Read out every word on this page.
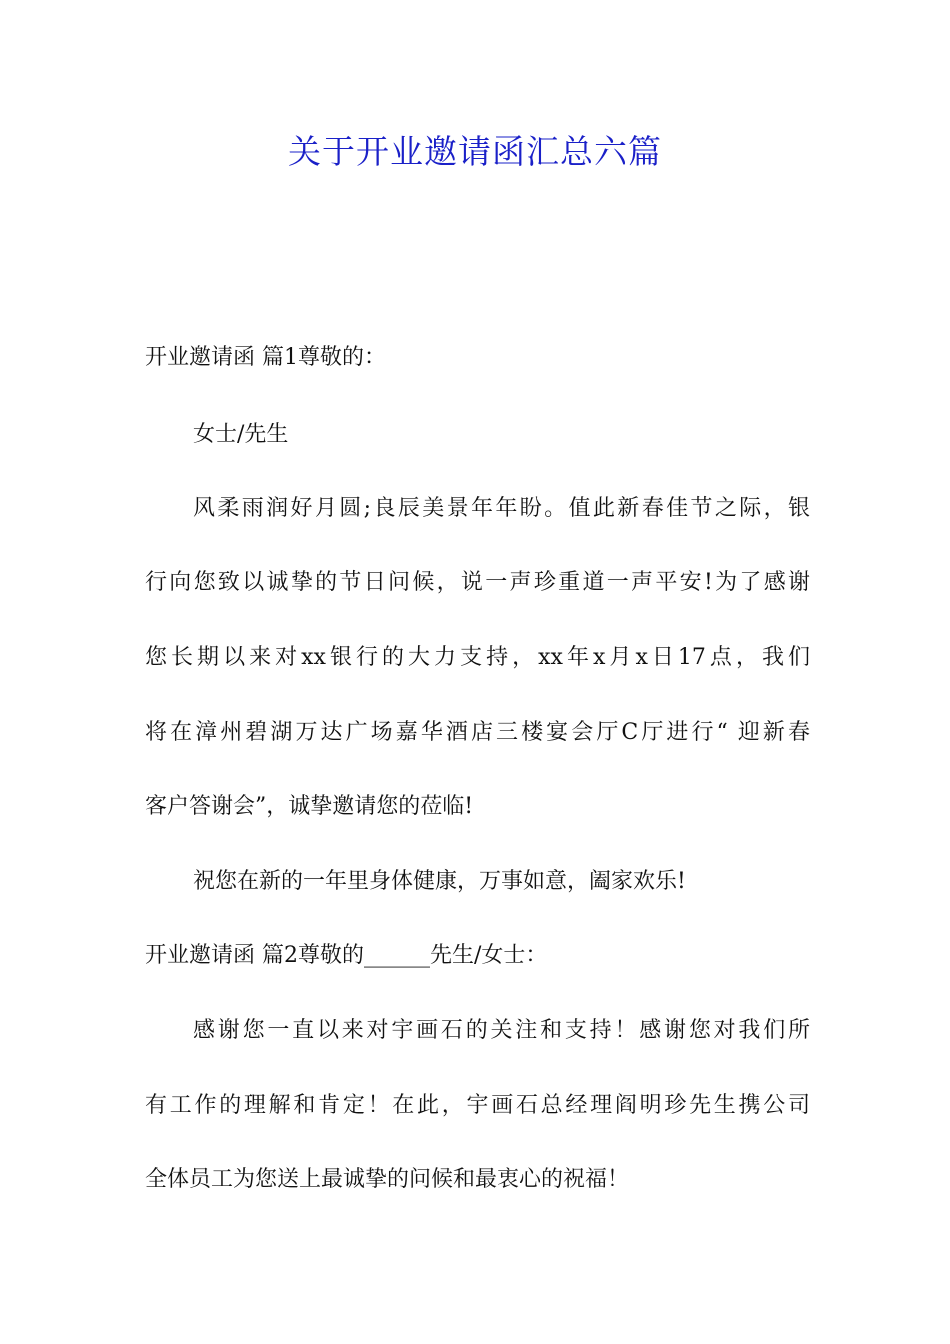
关于开业邀请函汇总六篇

开业邀请函 篇1尊敬的：

女士/先生

风柔雨润好月圆;良辰美景年年盼。值此新春佳节之际，银

行向您致以诚挚的节日问候，说一声珍重道一声平安!为了感谢

您长期以来对xx银行的大力支持，xx年x月x日17点，我们

将在漳州碧湖万达广场嘉华酒店三楼宴会厅C厅进行“ 迎新春

客户答谢会”，诚挚邀请您的莅临!

祝您在新的一年里身体健康，万事如意，阖家欢乐!

开业邀请函 篇2尊敬的______先生/女士：

感谢您一直以来对宇画石的关注和支持！感谢您对我们所

有工作的理解和肯定！在此，宇画石总经理阎明珍先生携公司

全体员工为您送上最诚挚的问候和最衷心的祝福！
